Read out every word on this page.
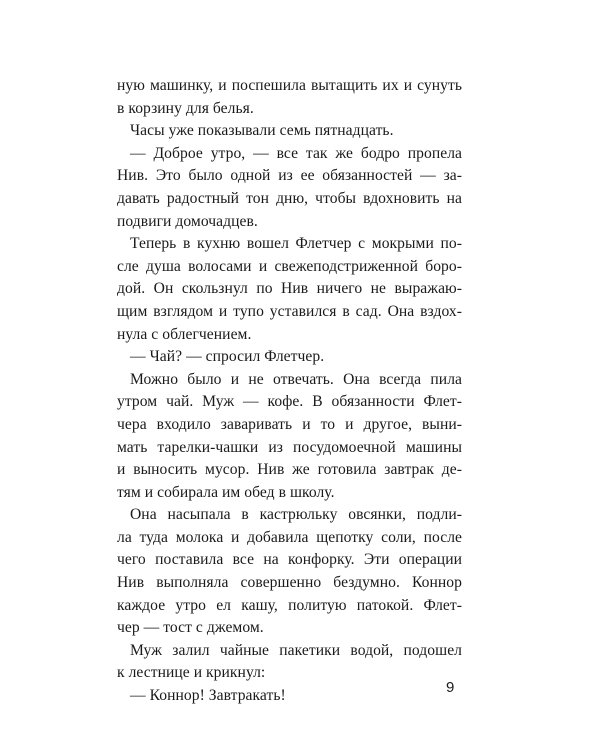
ную машинку, и поспешила вытащить их и сунуть
в корзину для белья.
Часы уже показывали семь пятнадцать.
— Доброе утро, — все так же бодро пропела
Нив. Это было одной из ее обязанностей — за-
давать радостный тон дню, чтобы вдохновить на
подвиги домочадцев.
Теперь в кухню вошел Флетчер с мокрыми по-
сле душа волосами и свежеподстриженной боро-
дой. Он скользнул по Нив ничего не выражаю-
щим взглядом и тупо уставился в сад. Она вздох-
нула с облегчением.
— Чай? — спросил Флетчер.
Можно было и не отвечать. Она всегда пила
утром чай. Муж — кофе. В обязанности Флет-
чера входило заваривать и то и другое, выни-
мать тарелки-чашки из посудомоечной машины
и выносить мусор. Нив же готовила завтрак де-
тям и собирала им обед в школу.
Она насыпала в кастрюльку овсянки, подли-
ла туда молока и добавила щепотку соли, после
чего поставила все на конфорку. Эти операции
Нив выполняла совершенно бездумно. Коннор
каждое утро ел кашу, политую патокой. Флет-
чер — тост с джемом.
Муж залил чайные пакетики водой, подошел
к лестнице и крикнул:
— Коннор! Завтракать!	9
